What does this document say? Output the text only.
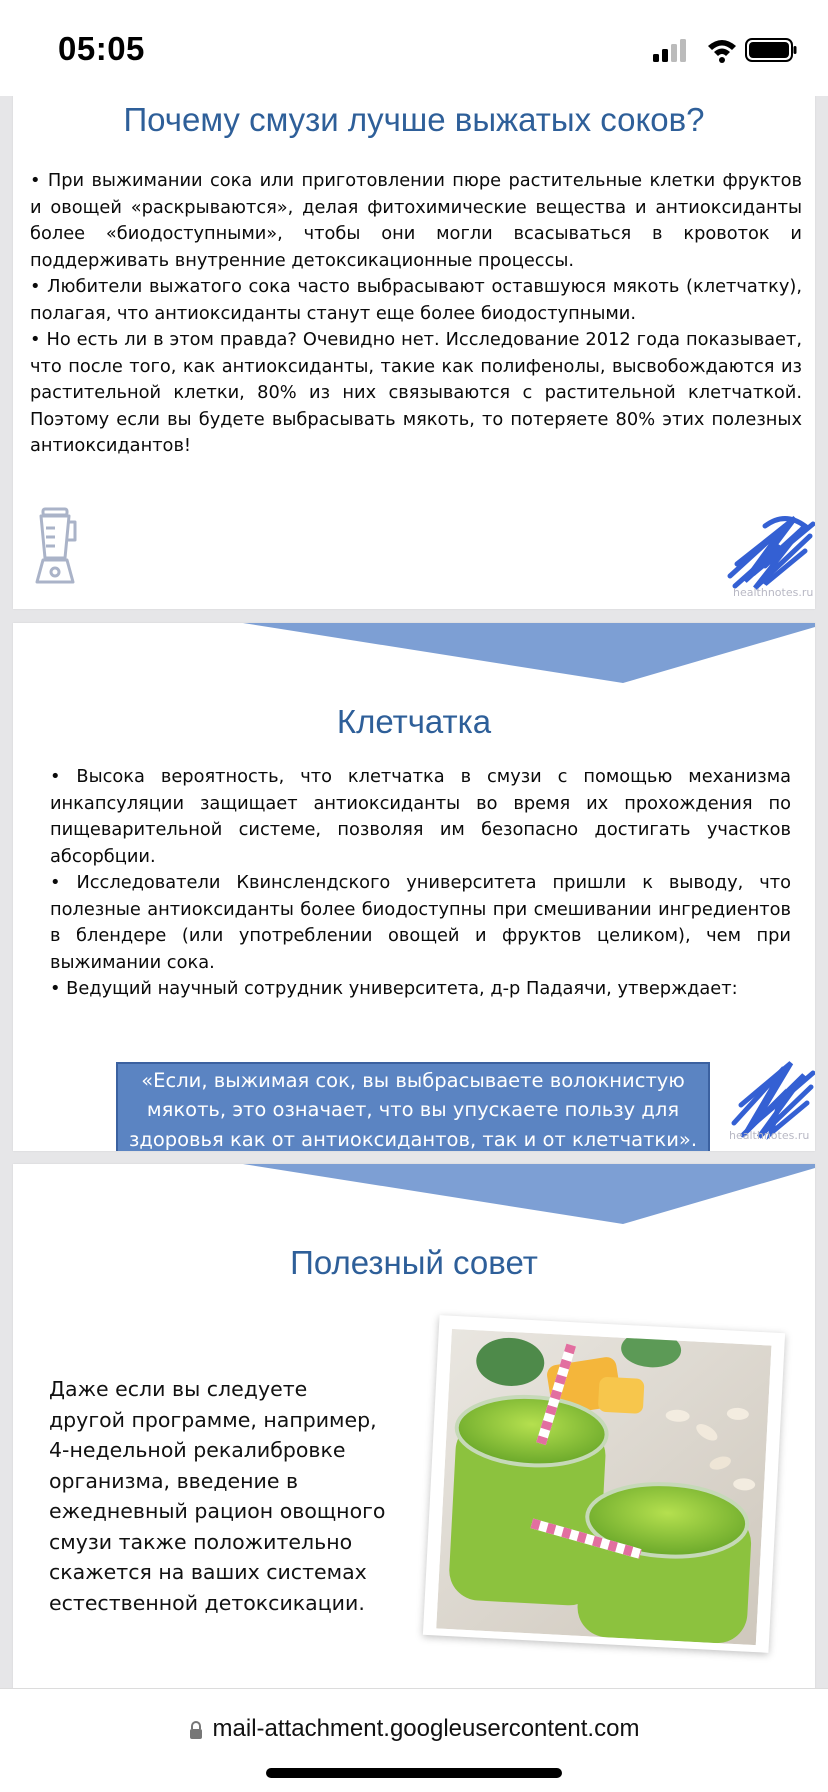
05:05
Почему смузи лучше выжатых соков?

• При выжимании сока или приготовлении пюре растительные клетки фруктов и овощей «раскрываются», делая фитохимические вещества и антиоксиданты более «биодоступными», чтобы они могли всасываться в кровоток и поддерживать внутренние детоксикационные процессы.

• Любители выжатого сока часто выбрасывают оставшуюся мякоть (клетчатку), полагая, что антиоксиданты станут еще более биодоступными.

• Но есть ли в этом правда? Очевидно нет. Исследование 2012 года показывает, что после того, как антиоксиданты, такие как полифенолы, высвобождаются из растительной клетки, 80% из них связываются с растительной клетчаткой. Поэтому если вы будете выбрасывать мякоть, то потеряете 80% этих полезных антиоксидантов!

healthnotes.ru
Клетчатка

• Высока вероятность, что клетчатка в смузи с помощью механизма инкапсуляции защищает антиоксиданты во время их прохождения по пищеварительной системе, позволяя им безопасно достигать участков абсорбции.

• Исследователи Квинслендского университета пришли к выводу, что полезные антиоксиданты более биодоступны при смешивании ингредиентов в блендере (или употреблении овощей и фруктов целиком), чем при выжимании сока.

• Ведущий научный сотрудник университета, д-р Падаячи, утверждает:

«Если, выжимая сок, вы выбрасываете волокнистую мякоть, это означает, что вы упускаете пользу для здоровья как от антиоксидантов, так и от клетчатки».	healthnotes.ru
Полезный совет

Даже если вы следуете другой программе, например, 4-недельной рекалибровке организма, введение в ежедневный рацион овощного смузи также положительно скажется на ваших системах естественной детоксикации.

mail-attachment.googleusercontent.com
